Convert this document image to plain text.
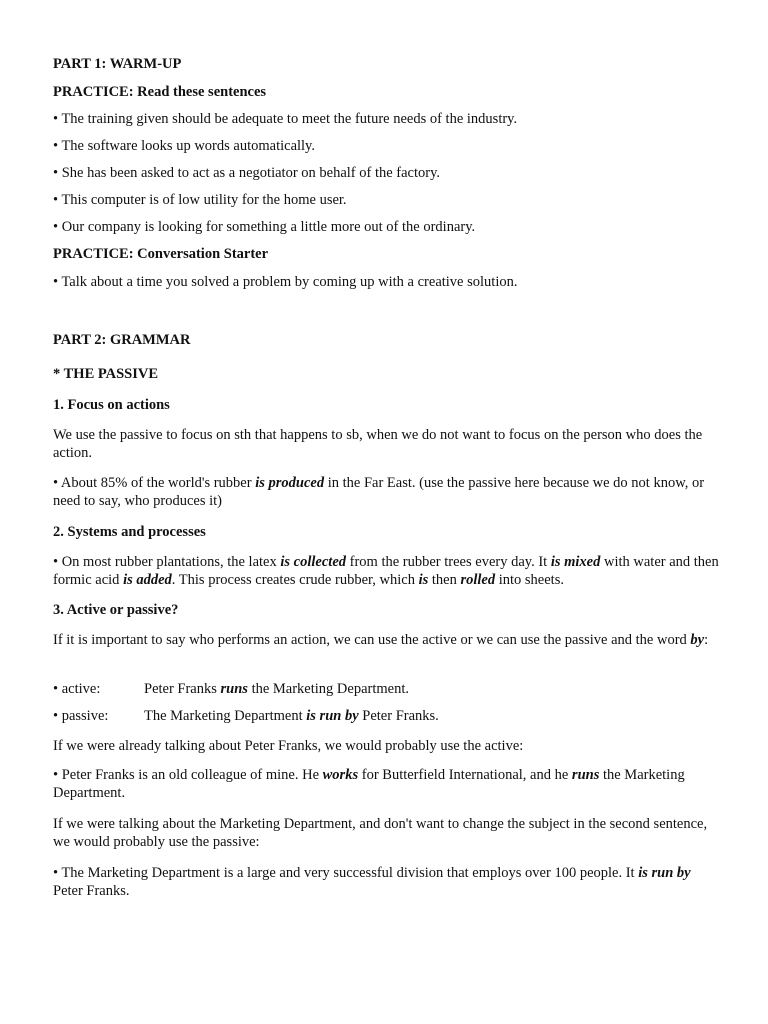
PART 1: WARM-UP

PRACTICE: Read these sentences

• The training given should be adequate to meet the future needs of the industry.

• The software looks up words automatically.

• She has been asked to act as a negotiator on behalf of the factory.

• This computer is of low utility for the home user.

• Our company is looking for something a little more out of the ordinary.

PRACTICE: Conversation Starter

• Talk about a time you solved a problem by coming up with a creative solution.

PART 2: GRAMMAR

* THE PASSIVE

1. Focus on actions

We use the passive to focus on sth that happens to sb, when we do not want to focus on the person who does the action.

• About 85% of the world's rubber is produced in the Far East. (use the passive here because we do not know, or need to say, who produces it)

2. Systems and processes

• On most rubber plantations, the latex is collected from the rubber trees every day. It is mixed with water and then formic acid is added. This process creates crude rubber, which is then rolled into sheets.

3. Active or passive?

If it is important to say who performs an action, we can use the active or we can use the passive and the word by:

• active:	Peter Franks runs the Marketing Department.
• passive:	The Marketing Department is run by Peter Franks.

If we were already talking about Peter Franks, we would probably use the active:

• Peter Franks is an old colleague of mine. He works for Butterfield International, and he runs the Marketing Department.

If we were talking about the Marketing Department, and don't want to change the subject in the second sentence, we would probably use the passive:

• The Marketing Department is a large and very successful division that employs over 100 people. It is run by Peter Franks.
